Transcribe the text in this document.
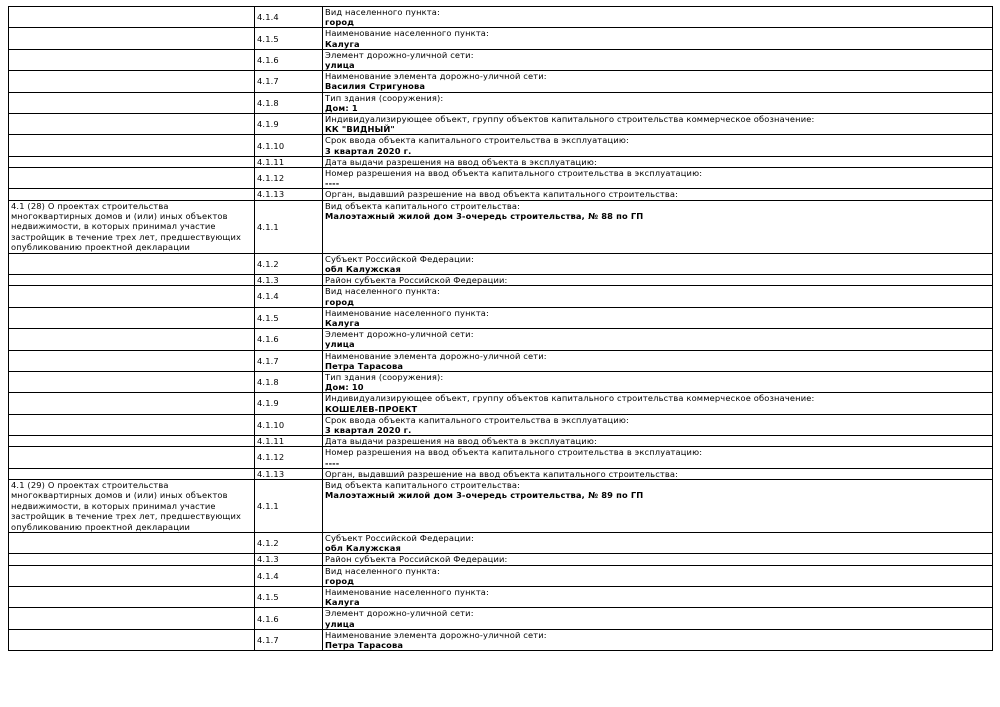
	4.1.4	Вид населенного пункта:
город

	4.1.5	Наименование населенного пункта:
Калуга

	4.1.6	Элемент дорожно-уличной сети:
улица

	4.1.7	Наименование элемента дорожно-уличной сети:
Василия Стригунова

	4.1.8	Тип здания (сооружения):
Дом: 1

	4.1.9	Индивидуализирующее объект, группу объектов капитального строительства коммерческое обозначение:
КК "ВИДНЫЙ"

	4.1.10	Срок ввода объекта капитального строительства в эксплуатацию:
3 квартал 2020 г.

	4.1.11	Дата выдачи разрешения на ввод объекта в эксплуатацию:

	4.1.12	Номер разрешения на ввод объекта капитального строительства в эксплуатацию:
----

	4.1.13	Орган, выдавший разрешение на ввод объекта капитального строительства:

4.1 (28) О проектах строительства многоквартирных домов и (или) иных объектов недвижимости, в которых принимал участие застройщик в течение трех лет, предшествующих опубликованию проектной декларации	4.1.1	Вид объекта капитального строительства:
Малоэтажный жилой дом 3-очередь строительства, № 88 по ГП

	4.1.2	Субъект Российской Федерации:
обл Калужская

	4.1.3	Район субъекта Российской Федерации:

	4.1.4	Вид населенного пункта:
город

	4.1.5	Наименование населенного пункта:
Калуга

	4.1.6	Элемент дорожно-уличной сети:
улица

	4.1.7	Наименование элемента дорожно-уличной сети:
Петра Тарасова

	4.1.8	Тип здания (сооружения):
Дом: 10

	4.1.9	Индивидуализирующее объект, группу объектов капитального строительства коммерческое обозначение:
КОШЕЛЕВ-ПРОЕКТ

	4.1.10	Срок ввода объекта капитального строительства в эксплуатацию:
3 квартал 2020 г.

	4.1.11	Дата выдачи разрешения на ввод объекта в эксплуатацию:

	4.1.12	Номер разрешения на ввод объекта капитального строительства в эксплуатацию:
----

	4.1.13	Орган, выдавший разрешение на ввод объекта капитального строительства:

4.1 (29) О проектах строительства многоквартирных домов и (или) иных объектов недвижимости, в которых принимал участие застройщик в течение трех лет, предшествующих опубликованию проектной декларации	4.1.1	Вид объекта капитального строительства:
Малоэтажный жилой дом 3-очередь строительства, № 89 по ГП

	4.1.2	Субъект Российской Федерации:
обл Калужская

	4.1.3	Район субъекта Российской Федерации:

	4.1.4	Вид населенного пункта:
город

	4.1.5	Наименование населенного пункта:
Калуга

	4.1.6	Элемент дорожно-уличной сети:
улица

	4.1.7	Наименование элемента дорожно-уличной сети:
Петра Тарасова
